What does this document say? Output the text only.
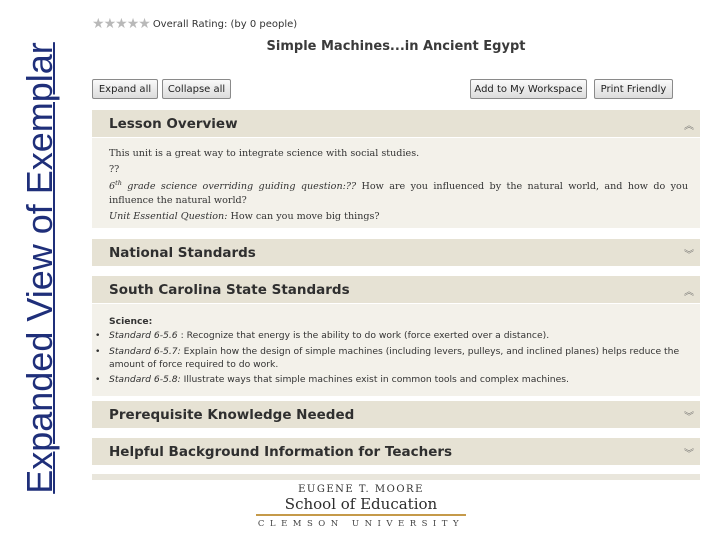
Expanded View of Exemplar
★ ★ ★ ★ ★ Overall Rating: (by 0 people)
Simple Machines...in Ancient Egypt
Expand all	Collapse all	Add to My Workspace	Print Friendly
Lesson Overview	︽

This unit is a great way to integrate science with social studies.

??

6th grade science overriding guiding question:?? How are you influenced by the natural world, and how do you influence the natural world?

Unit Essential Question: How can you move big things?

National Standards	︾
South Carolina State Standards	︽
Science:
• Standard 6-5.6 : Recognize that energy is the ability to do work (force exerted over a distance).
• Standard 6-5.7: Explain how the design of simple machines (including levers, pulleys, and inclined planes) helps reduce the amount of force required to do work.
• Standard 6-5.8: Illustrate ways that simple machines exist in common tools and complex machines.
Prerequisite Knowledge Needed	︾
Helpful Background Information for Teachers	︾
EUGENE T. MOORE
School of Education
CLEMSON UNIVERSITY
